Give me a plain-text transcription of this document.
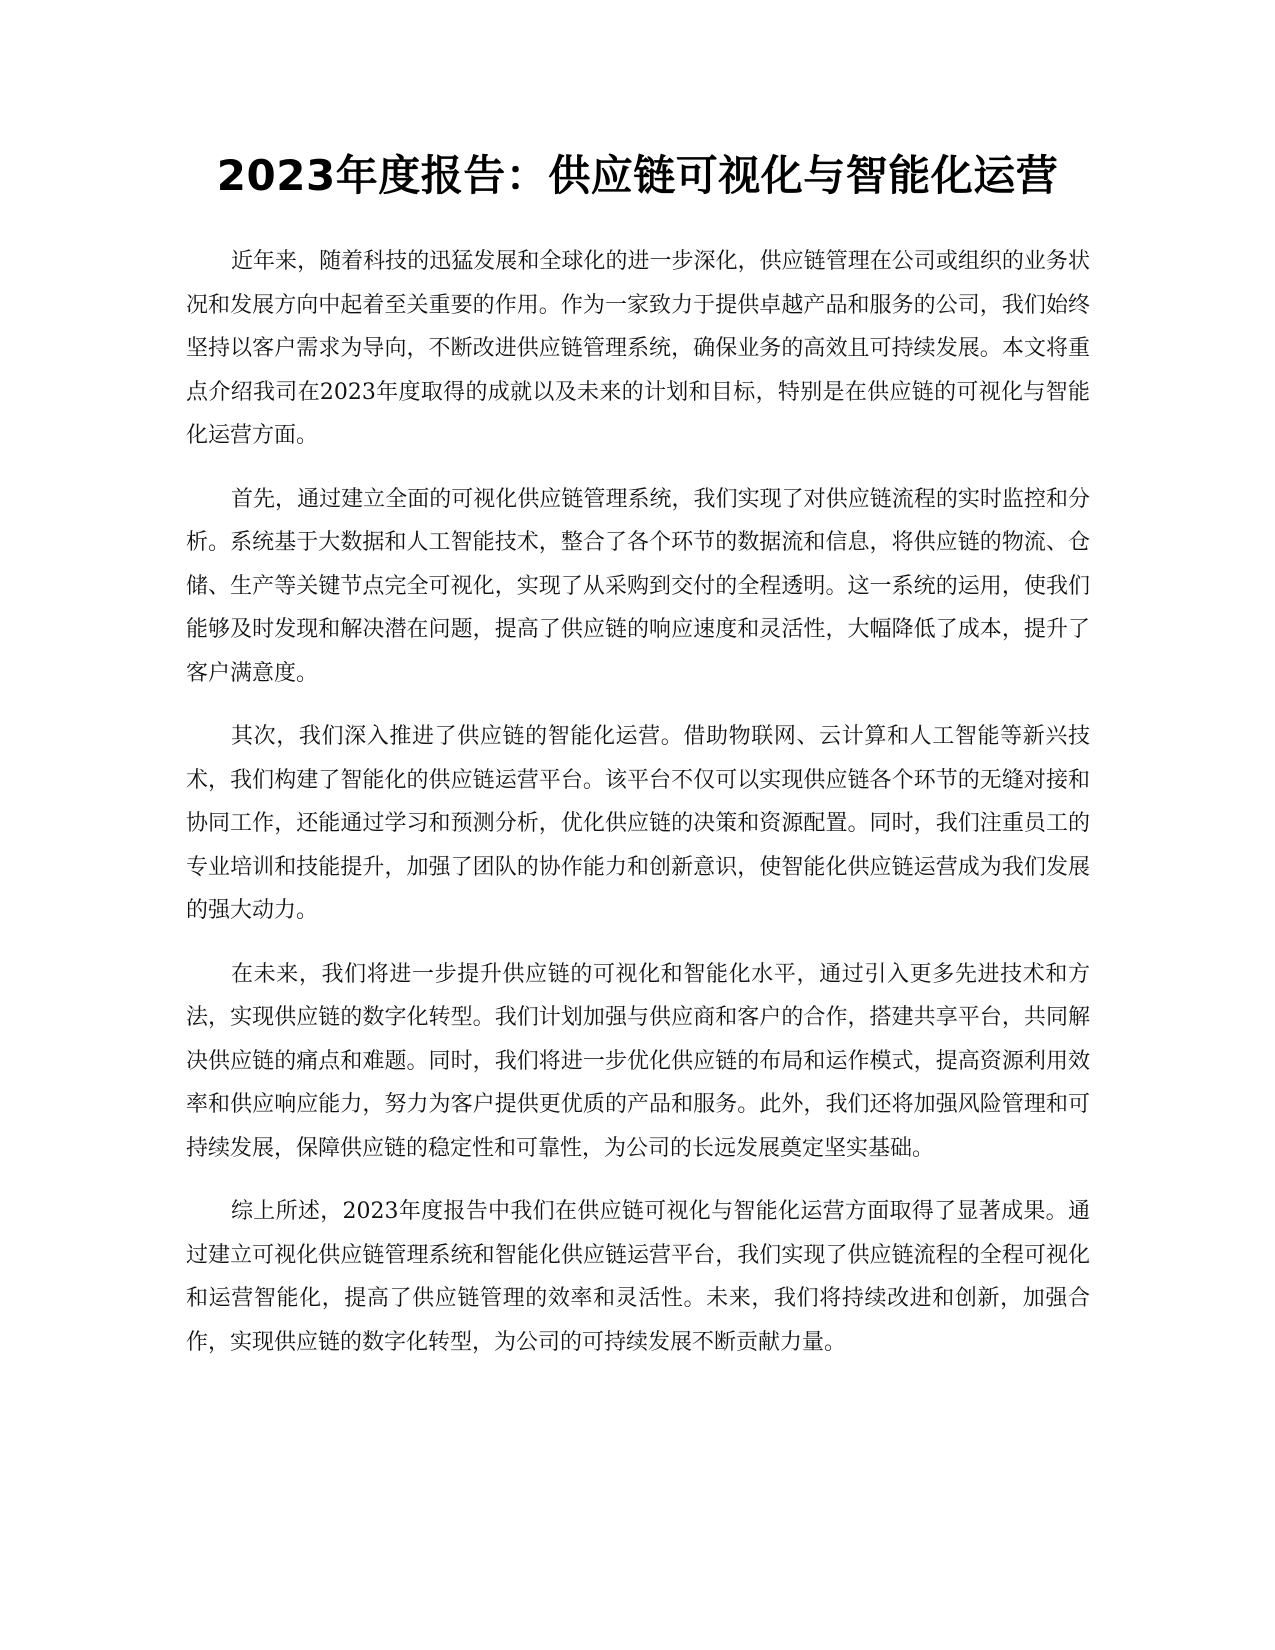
2023年度报告：供应链可视化与智能化运营

近年来，随着科技的迅猛发展和全球化的进一步深化，供应链管理在公司或组织的业务状况和发展方向中起着至关重要的作用。作为一家致力于提供卓越产品和服务的公司，我们始终坚持以客户需求为导向，不断改进供应链管理系统，确保业务的高效且可持续发展。本文将重点介绍我司在2023年度取得的成就以及未来的计划和目标，特别是在供应链的可视化与智能化运营方面。

首先，通过建立全面的可视化供应链管理系统，我们实现了对供应链流程的实时监控和分析。系统基于大数据和人工智能技术，整合了各个环节的数据流和信息，将供应链的物流、仓储、生产等关键节点完全可视化，实现了从采购到交付的全程透明。这一系统的运用，使我们能够及时发现和解决潜在问题，提高了供应链的响应速度和灵活性，大幅降低了成本，提升了客户满意度。

其次，我们深入推进了供应链的智能化运营。借助物联网、云计算和人工智能等新兴技术，我们构建了智能化的供应链运营平台。该平台不仅可以实现供应链各个环节的无缝对接和协同工作，还能通过学习和预测分析，优化供应链的决策和资源配置。同时，我们注重员工的专业培训和技能提升，加强了团队的协作能力和创新意识，使智能化供应链运营成为我们发展的强大动力。

在未来，我们将进一步提升供应链的可视化和智能化水平，通过引入更多先进技术和方法，实现供应链的数字化转型。我们计划加强与供应商和客户的合作，搭建共享平台，共同解决供应链的痛点和难题。同时，我们将进一步优化供应链的布局和运作模式，提高资源利用效率和供应响应能力，努力为客户提供更优质的产品和服务。此外，我们还将加强风险管理和可持续发展，保障供应链的稳定性和可靠性，为公司的长远发展奠定坚实基础。

综上所述，2023年度报告中我们在供应链可视化与智能化运营方面取得了显著成果。通过建立可视化供应链管理系统和智能化供应链运营平台，我们实现了供应链流程的全程可视化和运营智能化，提高了供应链管理的效率和灵活性。未来，我们将持续改进和创新，加强合作，实现供应链的数字化转型，为公司的可持续发展不断贡献力量。
